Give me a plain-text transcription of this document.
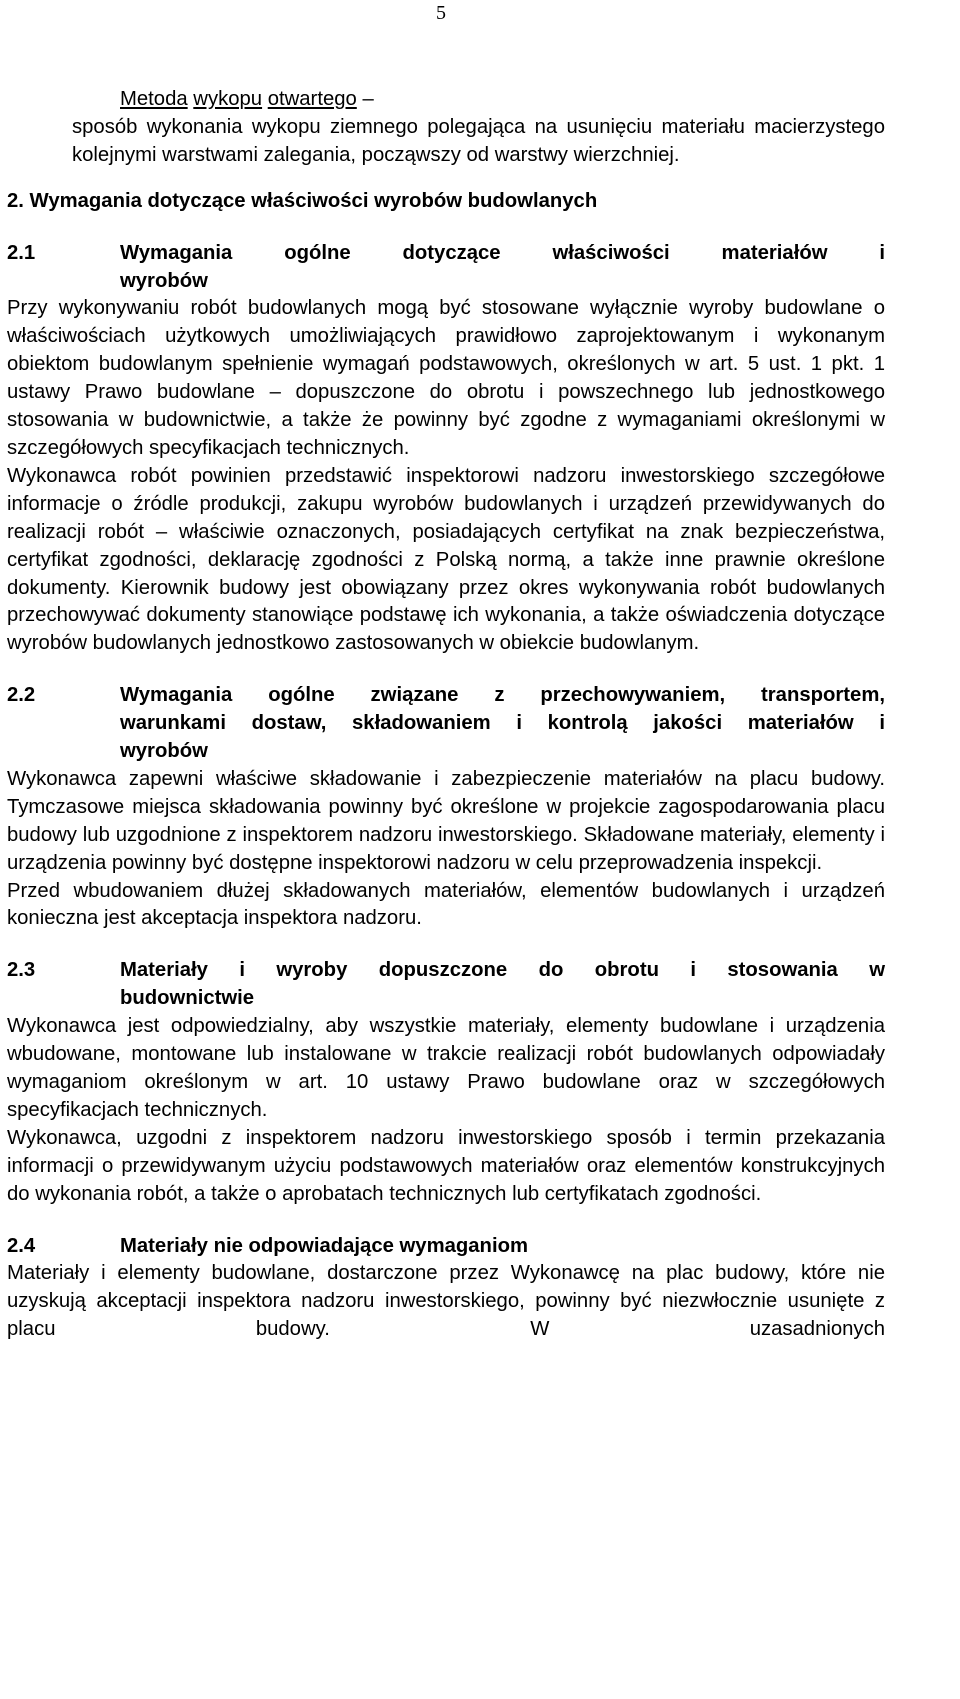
5
Metoda wykopu otwartego –

sposób wykonania wykopu ziemnego polegająca na usunięciu materiału macierzystego kolejnymi warstwami zalegania, począwszy od warstwy wierzchniej.

2. Wymagania dotyczące właściwości wyrobów budowlanych

2.1	Wymagania ogólne dotyczące właściwości materiałów i
wyrobów

Przy wykonywaniu robót budowlanych mogą być stosowane wyłącznie wyroby budowlane o właściwościach użytkowych umożliwiających prawidłowo zaprojektowanym i wykonanym obiektom budowlanym spełnienie wymagań podstawowych, określonych w art. 5 ust. 1 pkt. 1 ustawy Prawo budowlane – dopuszczone do obrotu i powszechnego lub jednostkowego stosowania w budownictwie, a także że powinny być zgodne z wymaganiami określonymi w szczegółowych specyfikacjach technicznych.

Wykonawca robót powinien przedstawić inspektorowi nadzoru inwestorskiego szczegółowe informacje o źródle produkcji, zakupu wyrobów budowlanych i urządzeń przewidywanych do realizacji robót – właściwie oznaczonych, posiadających certyfikat na znak bezpieczeństwa, certyfikat zgodności, deklarację zgodności z Polską normą, a także inne prawnie określone dokumenty. Kierownik budowy jest obowiązany przez okres wykonywania robót budowlanych przechowywać dokumenty stanowiące podstawę ich wykonania, a także oświadczenia dotyczące wyrobów budowlanych jednostkowo zastosowanych w obiekcie budowlanym.

2.2	Wymagania ogólne związane z przechowywaniem, transportem,
warunkami dostaw, składowaniem i kontrolą jakości materiałów i
wyrobów

Wykonawca zapewni właściwe składowanie i zabezpieczenie materiałów na placu budowy. Tymczasowe miejsca składowania powinny być określone w projekcie zagospodarowania placu budowy lub uzgodnione z inspektorem nadzoru inwestorskiego. Składowane materiały, elementy i urządzenia powinny być dostępne inspektorowi nadzoru w celu przeprowadzenia inspekcji.

Przed wbudowaniem dłużej składowanych materiałów, elementów budowlanych i urządzeń konieczna jest akceptacja inspektora nadzoru.

2.3	Materiały i wyroby dopuszczone do obrotu i stosowania w
budownictwie

Wykonawca jest odpowiedzialny, aby wszystkie materiały, elementy budowlane i urządzenia wbudowane, montowane lub instalowane w trakcie realizacji robót budowlanych odpowiadały wymaganiom określonym w art. 10 ustawy Prawo budowlane oraz w szczegółowych specyfikacjach technicznych.

Wykonawca, uzgodni z inspektorem nadzoru inwestorskiego sposób i termin przekazania informacji o przewidywanym użyciu podstawowych materiałów oraz elementów konstrukcyjnych do wykonania robót, a także o aprobatach technicznych lub certyfikatach zgodności.

2.4	Materiały nie odpowiadające wymaganiom

Materiały i elementy budowlane, dostarczone przez Wykonawcę na plac budowy, które nie uzyskują akceptacji inspektora nadzoru inwestorskiego, powinny być niezwłocznie usunięte z placu budowy. W uzasadnionych
